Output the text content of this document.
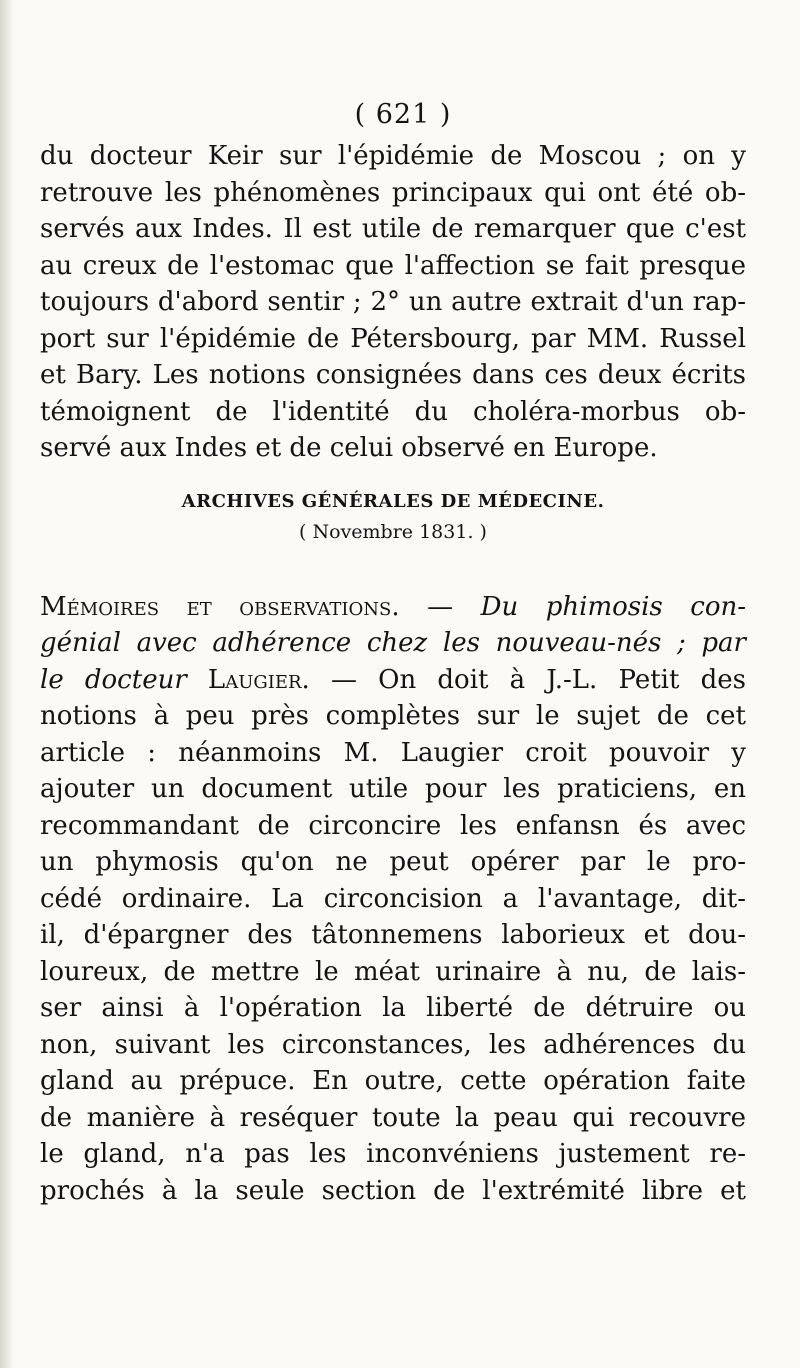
( 621 )
du docteur Keir sur l'épidémie de Moscou ; on y
retrouve les phénomènes principaux qui ont été ob-
servés aux Indes. Il est utile de remarquer que c'est
au creux de l'estomac que l'affection se fait presque
toujours d'abord sentir ; 2° un autre extrait d'un rap-
port sur l'épidémie de Pétersbourg, par MM. Russel
et Bary. Les notions consignées dans ces deux écrits
témoignent de l'identité du choléra-morbus ob-
servé aux Indes et de celui observé en Europe.
ARCHIVES GÉNÉRALES DE MÉDECINE.
( Novembre 1831. )
Mémoires et observations. — Du phimosis con-
génial avec adhérence chez les nouveau-nés ; par
le docteur Laugier. — On doit à J.-L. Petit des
notions à peu près complètes sur le sujet de cet
article : néanmoins M. Laugier croit pouvoir y
ajouter un document utile pour les praticiens, en
recommandant de circoncire les enfansn és avec
un phymosis qu'on ne peut opérer par le pro-
cédé ordinaire. La circoncision a l'avantage, dit-
il, d'épargner des tâtonnemens laborieux et dou-
loureux, de mettre le méat urinaire à nu, de lais-
ser ainsi à l'opération la liberté de détruire ou
non, suivant les circonstances, les adhérences du
gland au prépuce. En outre, cette opération faite
de manière à reséquer toute la peau qui recouvre
le gland, n'a pas les inconvéniens justement re-
prochés à la seule section de l'extrémité libre et
